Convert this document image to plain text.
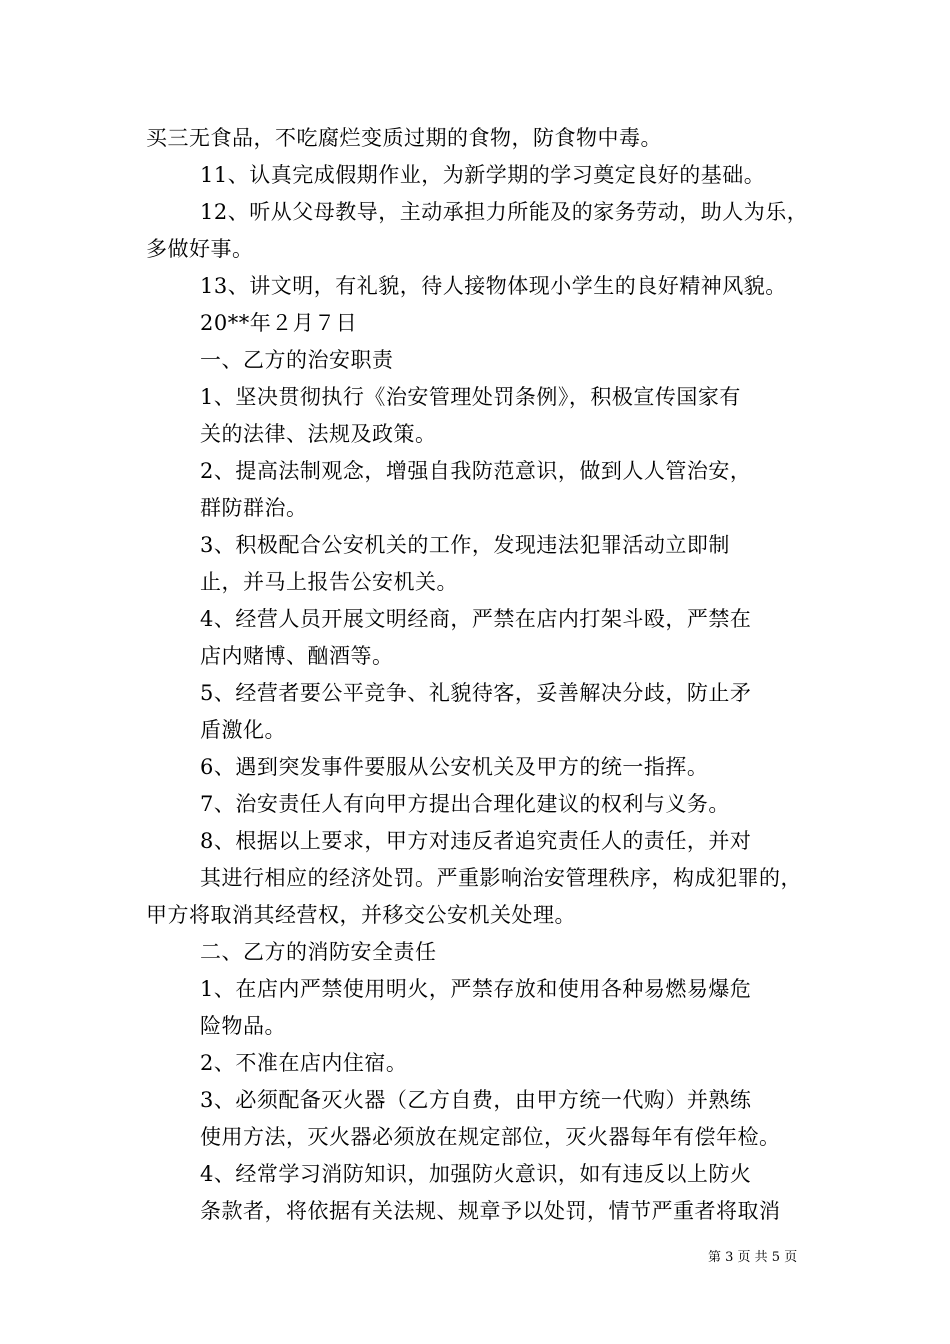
买三无食品，不吃腐烂变质过期的食物，防食物中毒。
11、认真完成假期作业，为新学期的学习奠定良好的基础。
12、听从父母教导，主动承担力所能及的家务劳动，助人为乐，
多做好事。
13、讲文明，有礼貌，待人接物体现小学生的良好精神风貌。
20**年２月７日
一、乙方的治安职责
1、坚决贯彻执行《治安管理处罚条例》，积极宣传国家有
关的法律、法规及政策。
2、提高法制观念，增强自我防范意识，做到人人管治安，
群防群治。
3、积极配合公安机关的工作，发现违法犯罪活动立即制
止，并马上报告公安机关。
4、经营人员开展文明经商，严禁在店内打架斗殴，严禁在
店内赌博、酗酒等。
5、经营者要公平竞争、礼貌待客，妥善解决分歧，防止矛
盾激化。
6、遇到突发事件要服从公安机关及甲方的统一指挥。
7、治安责任人有向甲方提出合理化建议的权利与义务。
8、根据以上要求，甲方对违反者追究责任人的责任，并对
其进行相应的经济处罚。严重影响治安管理秩序，构成犯罪的，
甲方将取消其经营权，并移交公安机关处理。
二、乙方的消防安全责任
1、在店内严禁使用明火，严禁存放和使用各种易燃易爆危
险物品。
2、不准在店内住宿。
3、必须配备灭火器（乙方自费，由甲方统一代购）并熟练
使用方法，灭火器必须放在规定部位，灭火器每年有偿年检。
4、经常学习消防知识，加强防火意识，如有违反以上防火
条款者，将依据有关法规、规章予以处罚，情节严重者将取消
第 3 页 共 5 页
